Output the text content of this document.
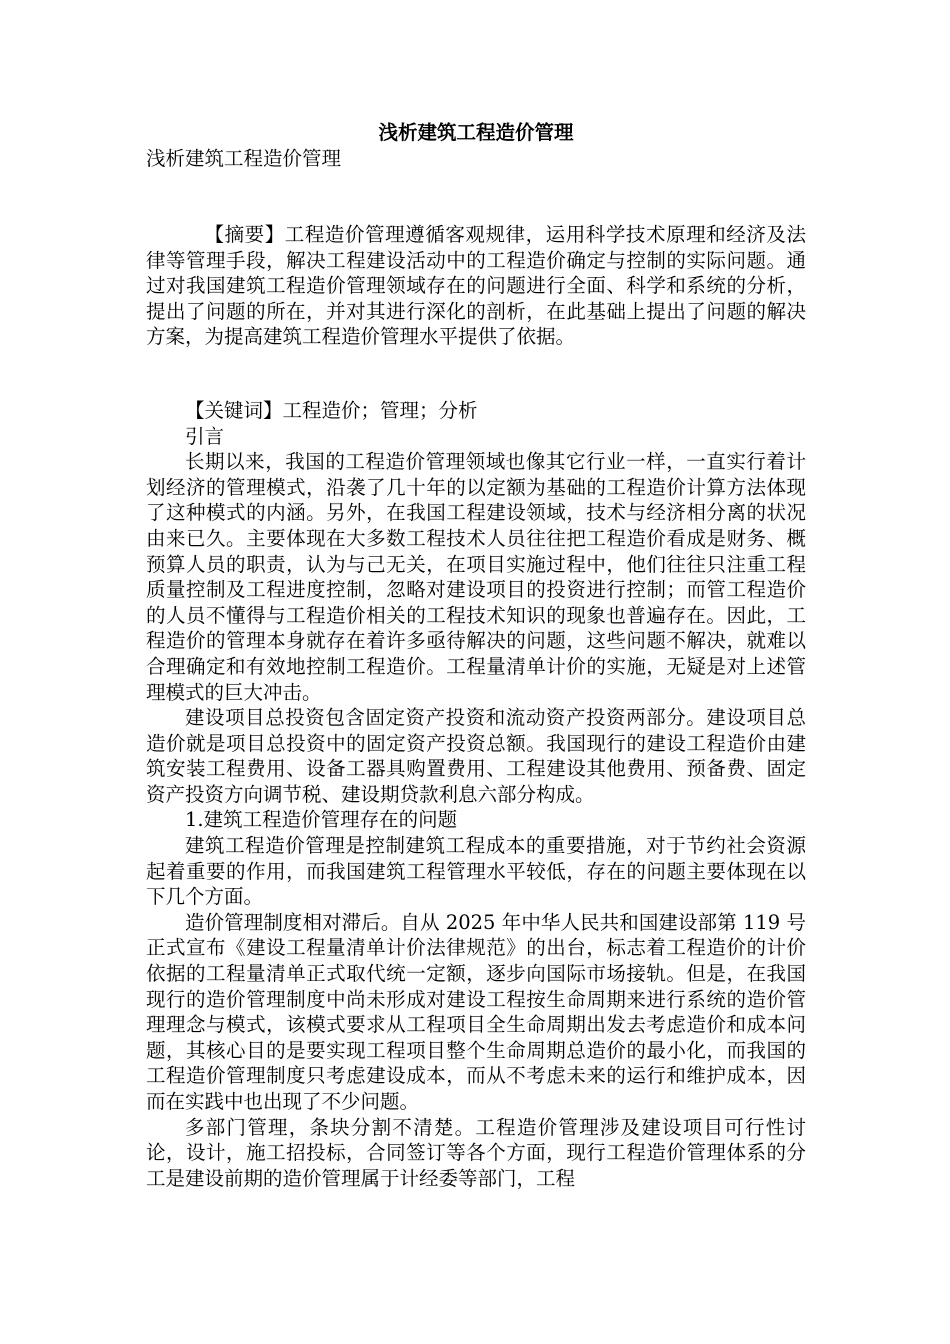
浅析建筑工程造价管理

浅析建筑工程造价管理

【摘要】工程造价管理遵循客观规律，运用科学技术原理和经济及法律等管理手段，解决工程建设活动中的工程造价确定与控制的实际问题。通过对我国建筑工程造价管理领域存在的问题进行全面、科学和系统的分析，提出了问题的所在，并对其进行深化的剖析，在此基础上提出了问题的解决方案，为提高建筑工程造价管理水平提供了依据。

【关键词】工程造价；管理；分析

引言

长期以来，我国的工程造价管理领域也像其它行业一样，一直实行着计划经济的管理模式，沿袭了几十年的以定额为基础的工程造价计算方法体现了这种模式的内涵。另外，在我国工程建设领域，技术与经济相分离的状况由来已久。主要体现在大多数工程技术人员往往把工程造价看成是财务、概预算人员的职责，认为与己无关，在项目实施过程中，他们往往只注重工程质量控制及工程进度控制，忽略对建设项目的投资进行控制；而管工程造价的人员不懂得与工程造价相关的工程技术知识的现象也普遍存在。因此，工程造价的管理本身就存在着许多亟待解决的问题，这些问题不解决，就难以合理确定和有效地控制工程造价。工程量清单计价的实施，无疑是对上述管理模式的巨大冲击。

建设项目总投资包含固定资产投资和流动资产投资两部分。建设项目总造价就是项目总投资中的固定资产投资总额。我国现行的建设工程造价由建筑安装工程费用、设备工器具购置费用、工程建设其他费用、预备费、固定资产投资方向调节税、建设期贷款利息六部分构成。

1.建筑工程造价管理存在的问题

建筑工程造价管理是控制建筑工程成本的重要措施，对于节约社会资源起着重要的作用，而我国建筑工程管理水平较低，存在的问题主要体现在以下几个方面。

造价管理制度相对滞后。自从 2025 年中华人民共和国建设部第 119 号正式宣布《建设工程量清单计价法律规范》的出台，标志着工程造价的计价依据的工程量清单正式取代统一定额，逐步向国际市场接轨。但是，在我国现行的造价管理制度中尚未形成对建设工程按生命周期来进行系统的造价管理理念与模式，该模式要求从工程项目全生命周期出发去考虑造价和成本问题，其核心目的是要实现工程项目整个生命周期总造价的最小化，而我国的工程造价管理制度只考虑建设成本，而从不考虑未来的运行和维护成本，因而在实践中也出现了不少问题。

多部门管理，条块分割不清楚。工程造价管理涉及建设项目可行性讨论，设计，施工招投标，合同签订等各个方面，现行工程造价管理体系的分工是建设前期的造价管理属于计经委等部门，工程
